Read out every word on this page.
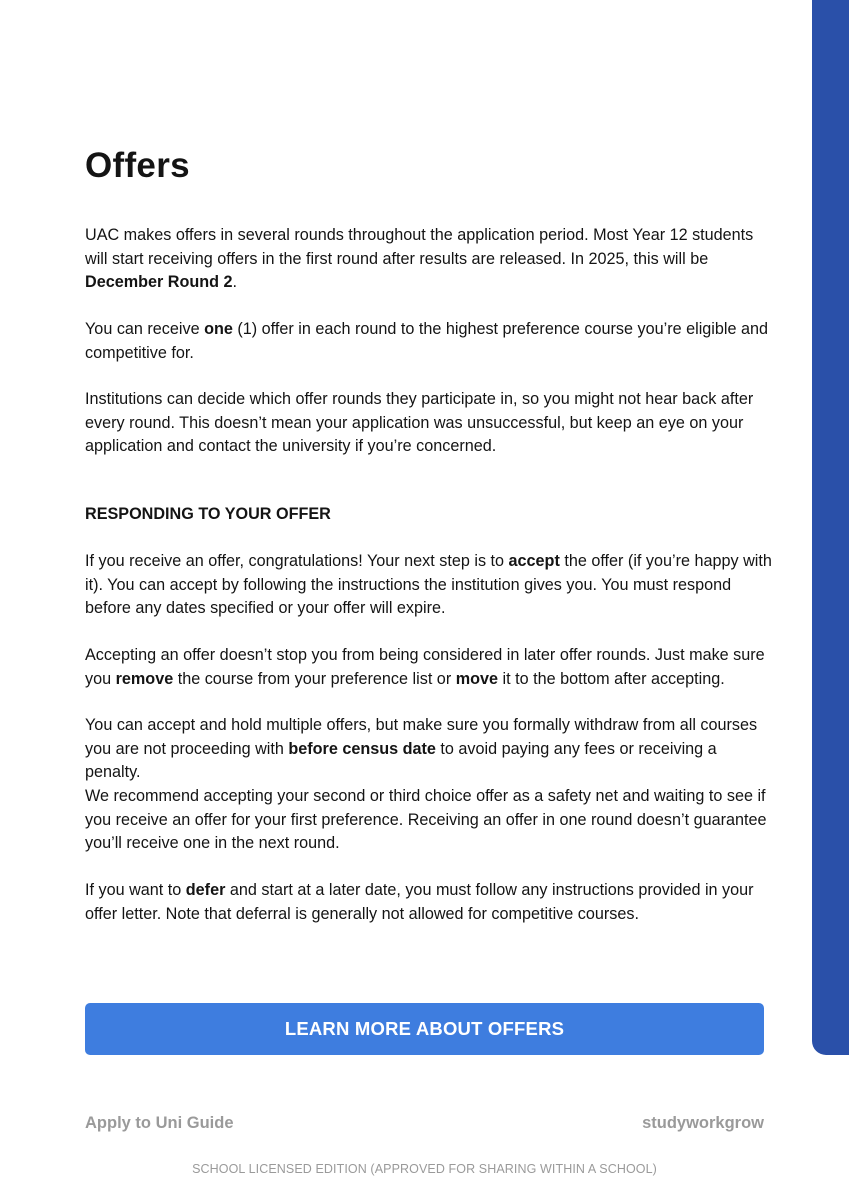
Offers

UAC makes offers in several rounds throughout the application period. Most Year 12 students will start receiving offers in the first round after results are released. In 2025, this will be December Round 2.

You can receive one (1) offer in each round to the highest preference course you’re eligible and competitive for.

Institutions can decide which offer rounds they participate in, so you might not hear back after every round. This doesn’t mean your application was unsuccessful, but keep an eye on your application and contact the university if you’re concerned.

RESPONDING TO YOUR OFFER

If you receive an offer, congratulations! Your next step is to accept the offer (if you’re happy with it). You can accept by following the instructions the institution gives you. You must respond before any dates specified or your offer will expire.

Accepting an offer doesn’t stop you from being considered in later offer rounds. Just make sure you remove the course from your preference list or move it to the bottom after accepting.

You can accept and hold multiple offers, but make sure you formally withdraw from all courses you are not proceeding with before census date to avoid paying any fees or receiving a penalty.

We recommend accepting your second or third choice offer as a safety net and waiting to see if you receive an offer for your first preference. Receiving an offer in one round doesn’t guarantee you’ll receive one in the next round.

If you want to defer and start at a later date, you must follow any instructions provided in your offer letter. Note that deferral is generally not allowed for competitive courses.

LEARN MORE ABOUT OFFERS
Apply to Uni Guide	studyworkgrow
SCHOOL LICENSED EDITION (APPROVED FOR SHARING WITHIN A SCHOOL)
